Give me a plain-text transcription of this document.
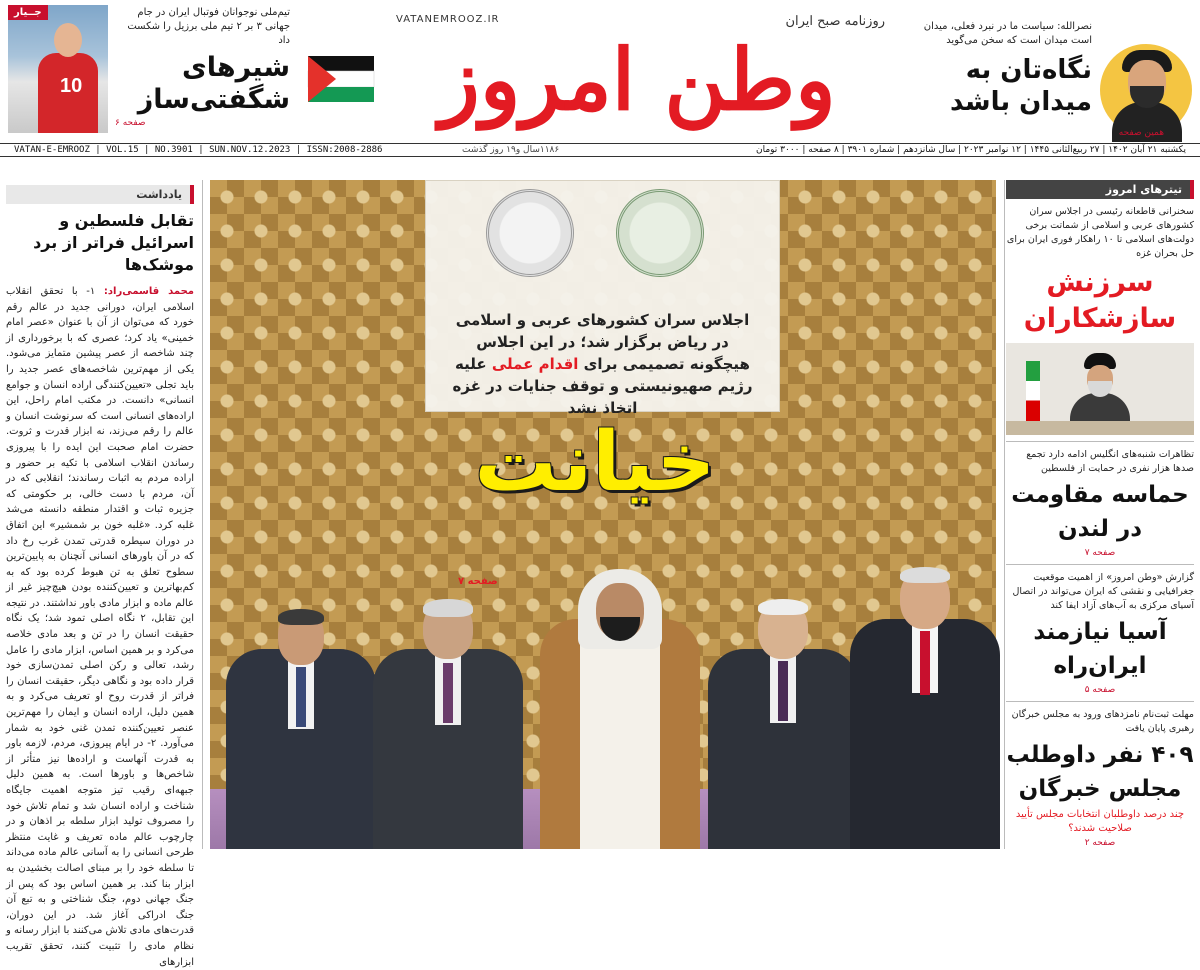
جــیار
10
تیم‌ملی نوجوانان فوتبال ایران در جام جهانی ۳ بر ۲ تیم ملی برزیل را شکست داد
شیرهای شگفتی‌ساز
صفحه ۶
VATANEMROOZ.IR	روزنامه صبح ایران
وطن امروز
نصرالله: سیاست ما در نبرد فعلی، میدان است میدان است که سخن می‌گوید
نگاه‌تان به میدان باشد
همین صفحه
VATAN-E-EMROOZ | VOL.15 | NO.3901 | SUN.NOV.12.2023 | ISSN:2008-2886	۱۱۸۶سال و۱۹ روز گذشت	یکشنبه ۲۱ آبان ۱۴۰۲ | ۲۷ ربیع‌الثانی ۱۴۴۵ | ۱۲ نوامبر ۲۰۲۳ | سال شانزدهم | شماره ۳۹۰۱ | ۸ صفحه | ۳۰۰۰ تومان
یادداشت
تقابل فلسطین و اسرائیل فراتر از برد موشک‌ها
محمد قاسمی‌راد: ۱- با تحقق انقلاب اسلامی ایران، دورانی جدید در عالم رقم خورد که می‌توان از آن با عنوان «عصر امام خمینی» یاد کرد؛ عصری که با برخورداری از چند شاخصه از عصر پیشین متمایز می‌شود. یکی از مهم‌ترین شاخصه‌های عصر جدید را باید تجلی «تعیین‌کنندگی اراده انسان و جوامع انسانی» دانست. در مکتب امام راحل، این اراده‌های انسانی است که سرنوشت انسان و عالم را رقم می‌زند، نه ابزار قدرت و ثروت. حضرت امام صحبت این ایده را با پیروزی رساندن انقلاب اسلامی با تکیه بر حضور و اراده مردم به اثبات رساندند؛ انقلابی که در آن، مردم با دست خالی، بر حکومتی که جزیره ثبات و اقتدار منطقه دانسته می‌شد غلبه کرد. «غلبه خون بر شمشیر» این اتفاق در دوران سیطره قدرتی تمدن غرب رخ داد که در آن باورهای انسانی آنچنان به پایین‌ترین سطوح تعلق به تن هبوط کرده بود که به کم‌بهاترین و تعیین‌کننده بودن هیچ‌چیز غیر از عالم ماده و ابزار مادی باور نداشتند. در نتیجه این تقابل، ۲ نگاه اصلی تمود شد؛ یک نگاه حقیقت انسان را در تن و بعد مادی خلاصه می‌کرد و بر همین اساس، ابزار مادی را عامل رشد، تعالی و رکن اصلی تمدن‌سازی خود قرار داده بود و نگاهی دیگر، حقیقت انسان را فراتر از قدرت روح او تعریف می‌کرد و به همین دلیل، اراده انسان و ایمان را مهم‌ترین عنصر تعیین‌کننده تمدن غنی خود به شمار می‌آورد. ۲- در ایام پیروزی، مردم، لازمه باور به قدرت آنهاست و اراده‌ها نیز متأثر از شاخص‌ها و باورها است. به همین دلیل جبهه‌ای رقیب تیز متوجه اهمیت جایگاه شناخت و اراده انسان شد و تمام تلاش خود را مصروف تولید ابزار سلطه بر اذهان و در چارچوب عالم ماده تعریف و غایت منتظر طرحی انسانی را به آسانی عالم ماده می‌داند تا سلطه خود را بر مبنای اصالت بخشیدن به ابزار بنا کند. بر همین اساس بود که پس از جنگ جهانی دوم، جنگ شناختی و به تبع آن جنگ ادراکی آغاز شد. در این دوران، قدرت‌های مادی تلاش می‌کنند با ابزار رسانه و نظام مادی را تثبیت کنند، تحقق تقریب ابزارهای
اجلاس سران کشورهای عربی و اسلامی در ریاض برگزار شد؛ در این اجلاس هیچگونه تصمیمی برای اقدام عملی علیه رژیم صهیونیستی و توقف جنایات در غزه اتخاذ نشد
خیانت
صفحه ۷
تیترهای امروز
سخنرانی قاطعانه رئیسی در اجلاس سران کشورهای عربی و اسلامی از شماتت برخی دولت‌های اسلامی تا ۱۰ راهکار فوری ایران برای حل بحران غزه
سرزنش سازشکاران
تظاهرات شنبه‌های انگلیس ادامه دارد تجمع صدها هزار نفری در حمایت از فلسطین
حماسه مقاومت در لندن
صفحه ۷
گزارش «وطن امروز» از اهمیت موقعیت جغرافیایی و نقشی که ایران می‌تواند در اتصال آسیای مرکزی به آب‌های آزاد ایفا کند
آسیا نیازمند ایران‌راه
صفحه ۵
مهلت ثبت‌نام نامزدهای ورود به مجلس خبرگان رهبری پایان یافت
۴۰۹ نفر داوطلب مجلس خبرگان
چند درصد داوطلبان انتخابات مجلس تأیید صلاحیت شدند؟
صفحه ۲
